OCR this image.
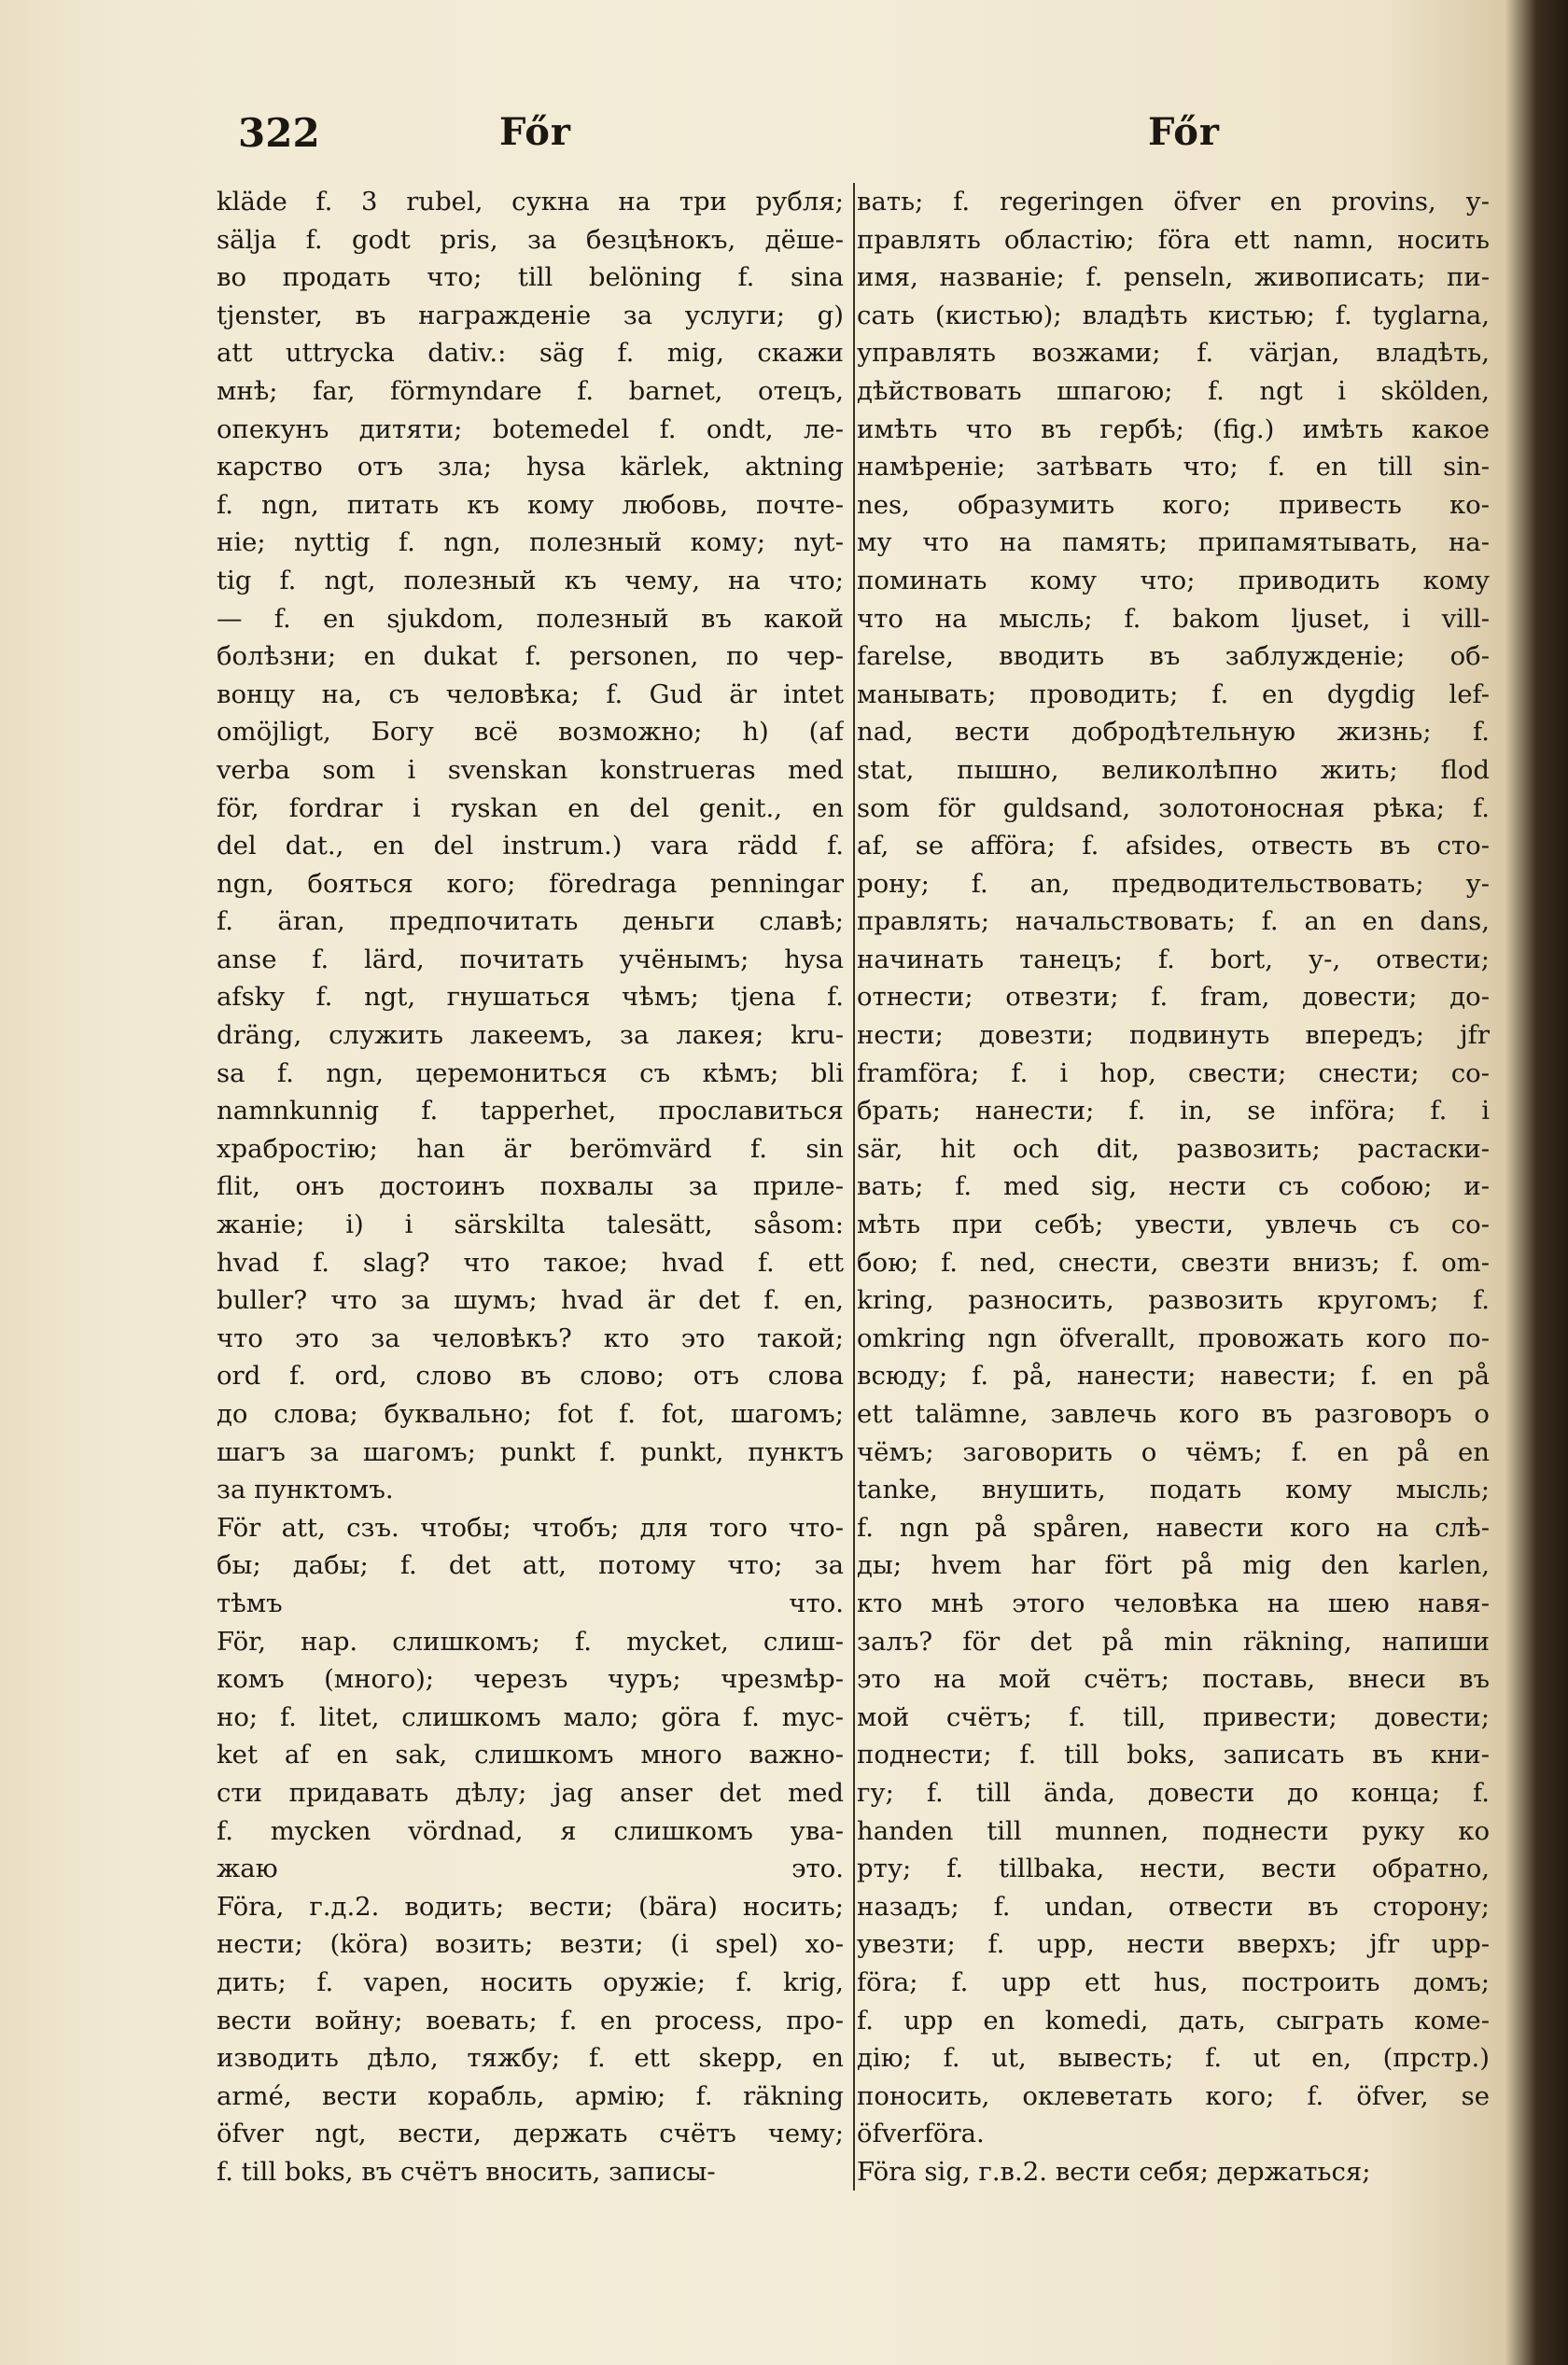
322	Főr	Főr
kläde f. 3 rubel, сукна на три рубля;
sälja f. godt pris, за безцѣнокъ, дёше-
во продать что; till belöning f. sina
tjenster, въ награжденіе за услуги; g)
att uttrycka dativ.: säg f. mig, скажи
мнѣ; far, förmyndare f. barnet, отецъ,
опекунъ дитяти; botemedel f. ondt, ле-
карство отъ зла; hysa kärlek, aktning
f. ngn, питать къ кому любовь, почте-
ніе; nyttig f. ngn, полезный кому; nyt-
tig f. ngt, полезный къ чему, на что;
— f. en sjukdom, полезный въ какой
болѣзни; en dukat f. personen, по чер-
вонцу на, съ человѣка; f. Gud är intet
omöjligt, Богу всё возможно; h) (af
verba som i svenskan konstrueras med
för, fordrar i ryskan en del genit., en
del dat., en del instrum.) vara rädd f.
ngn, бояться кого; föredraga penningar
f. äran, предпочитать деньги славѣ;
anse f. lärd, почитать учёнымъ; hysa
afsky f. ngt, гнушаться чѣмъ; tjena f.
dräng, служить лакеемъ, за лакея; kru-
sa f. ngn, церемониться съ кѣмъ; bli
namnkunnig f. tapperhet, прославиться
храбростію; han är berömvärd f. sin
flit, онъ достоинъ похвалы за приле-
жаніе; i) i särskilta talesätt, såsom:
hvad f. slag? что такое; hvad f. ett
buller? что за шумъ; hvad är det f. en,
что это за человѣкъ? кто это такой;
ord f. ord, слово въ слово; отъ слова
до слова; буквально; fot f. fot, шагомъ;
шагъ за шагомъ; punkt f. punkt, пунктъ
за пунктомъ.
För att, сзъ. чтобы; чтобъ; для того что-
бы; дабы; f. det att, потому что; за
тѣмъ что.
För, нар. слишкомъ; f. mycket, слиш-
комъ (много); черезъ чуръ; чрезмѣр-
но; f. litet, слишкомъ мало; göra f. myc-
ket af en sak, слишкомъ много важно-
сти придавать дѣлу; jag anser det med
f. mycken vördnad, я слишкомъ ува-
жаю это.
Föra, г.д.2. водить; вести; (bära) носить;
нести; (köra) возить; везти; (i spel) хо-
дить; f. vapen, носить оружіе; f. krig,
вести войну; воевать; f. en process, про-
изводить дѣло, тяжбу; f. ett skepp, en
armé, вести корабль, армію; f. räkning
öfver ngt, вести, держать счётъ чему;
f. till boks, въ счётъ вносить, записы-
вать; f. regeringen öfver en provins, у-
правлять областію; föra ett namn, носить
имя, названіе; f. penseln, живописать; пи-
сать (кистью); владѣть кистью; f. tyglarna,
управлять возжами; f. värjan, владѣть,
дѣйствовать шпагою; f. ngt i skölden,
имѣть что въ гербѣ; (fig.) имѣть какое
намѣреніе; затѣвать что; f. en till sin-
nes, образумить кого; привесть ко-
му что на память; припамятывать, на-
поминать кому что; приводить кому
что на мысль; f. bakom ljuset, i vill-
farelse, вводить въ заблужденіе; об-
манывать; проводить; f. en dygdig lef-
nad, вести добродѣтельную жизнь; f.
stat, пышно, великолѣпно жить; flod
som för guldsand, золотоносная рѣка; f.
af, se afföra; f. afsides, отвесть въ сто-
рону; f. an, предводительствовать; у-
правлять; начальствовать; f. an en dans,
начинать танецъ; f. bort, у-, отвести;
отнести; отвезти; f. fram, довести; до-
нести; довезти; подвинуть впередъ; jfr
framföra; f. i hop, свести; снести; со-
брать; нанести; f. in, se införa; f. i
sär, hit och dit, развозить; растаски-
вать; f. med sig, нести съ собою; и-
мѣть при себѣ; увести, увлечь съ со-
бою; f. ned, снести, свезти внизъ; f. om-
kring, разносить, развозить кругомъ; f.
omkring ngn öfverallt, провожать кого по-
всюду; f. på, нанести; навести; f. en på
ett talämne, завлечь кого въ разговоръ о
чёмъ; заговорить о чёмъ; f. en på en
tanke, внушить, подать кому мысль;
f. ngn på spåren, навести кого на слѣ-
ды; hvem har fört på mig den karlen,
кто мнѣ этого человѣка на шею навя-
залъ? för det på min räkning, напиши
это на мой счётъ; поставь, внеси въ
мой счётъ; f. till, привести; довести;
поднести; f. till boks, записать въ кни-
гу; f. till ända, довести до конца; f.
handen till munnen, поднести руку ко
рту; f. tillbaka, нести, вести обратно,
назадъ; f. undan, отвести въ сторону;
увезти; f. upp, нести вверхъ; jfr upp-
föra; f. upp ett hus, построить домъ;
f. upp en komedi, дать, сыграть коме-
дію; f. ut, вывесть; f. ut en, (прстр.)
поносить, оклеветать кого; f. öfver, se
öfverföra.
Föra sig, г.в.2. вести себя; держаться;
